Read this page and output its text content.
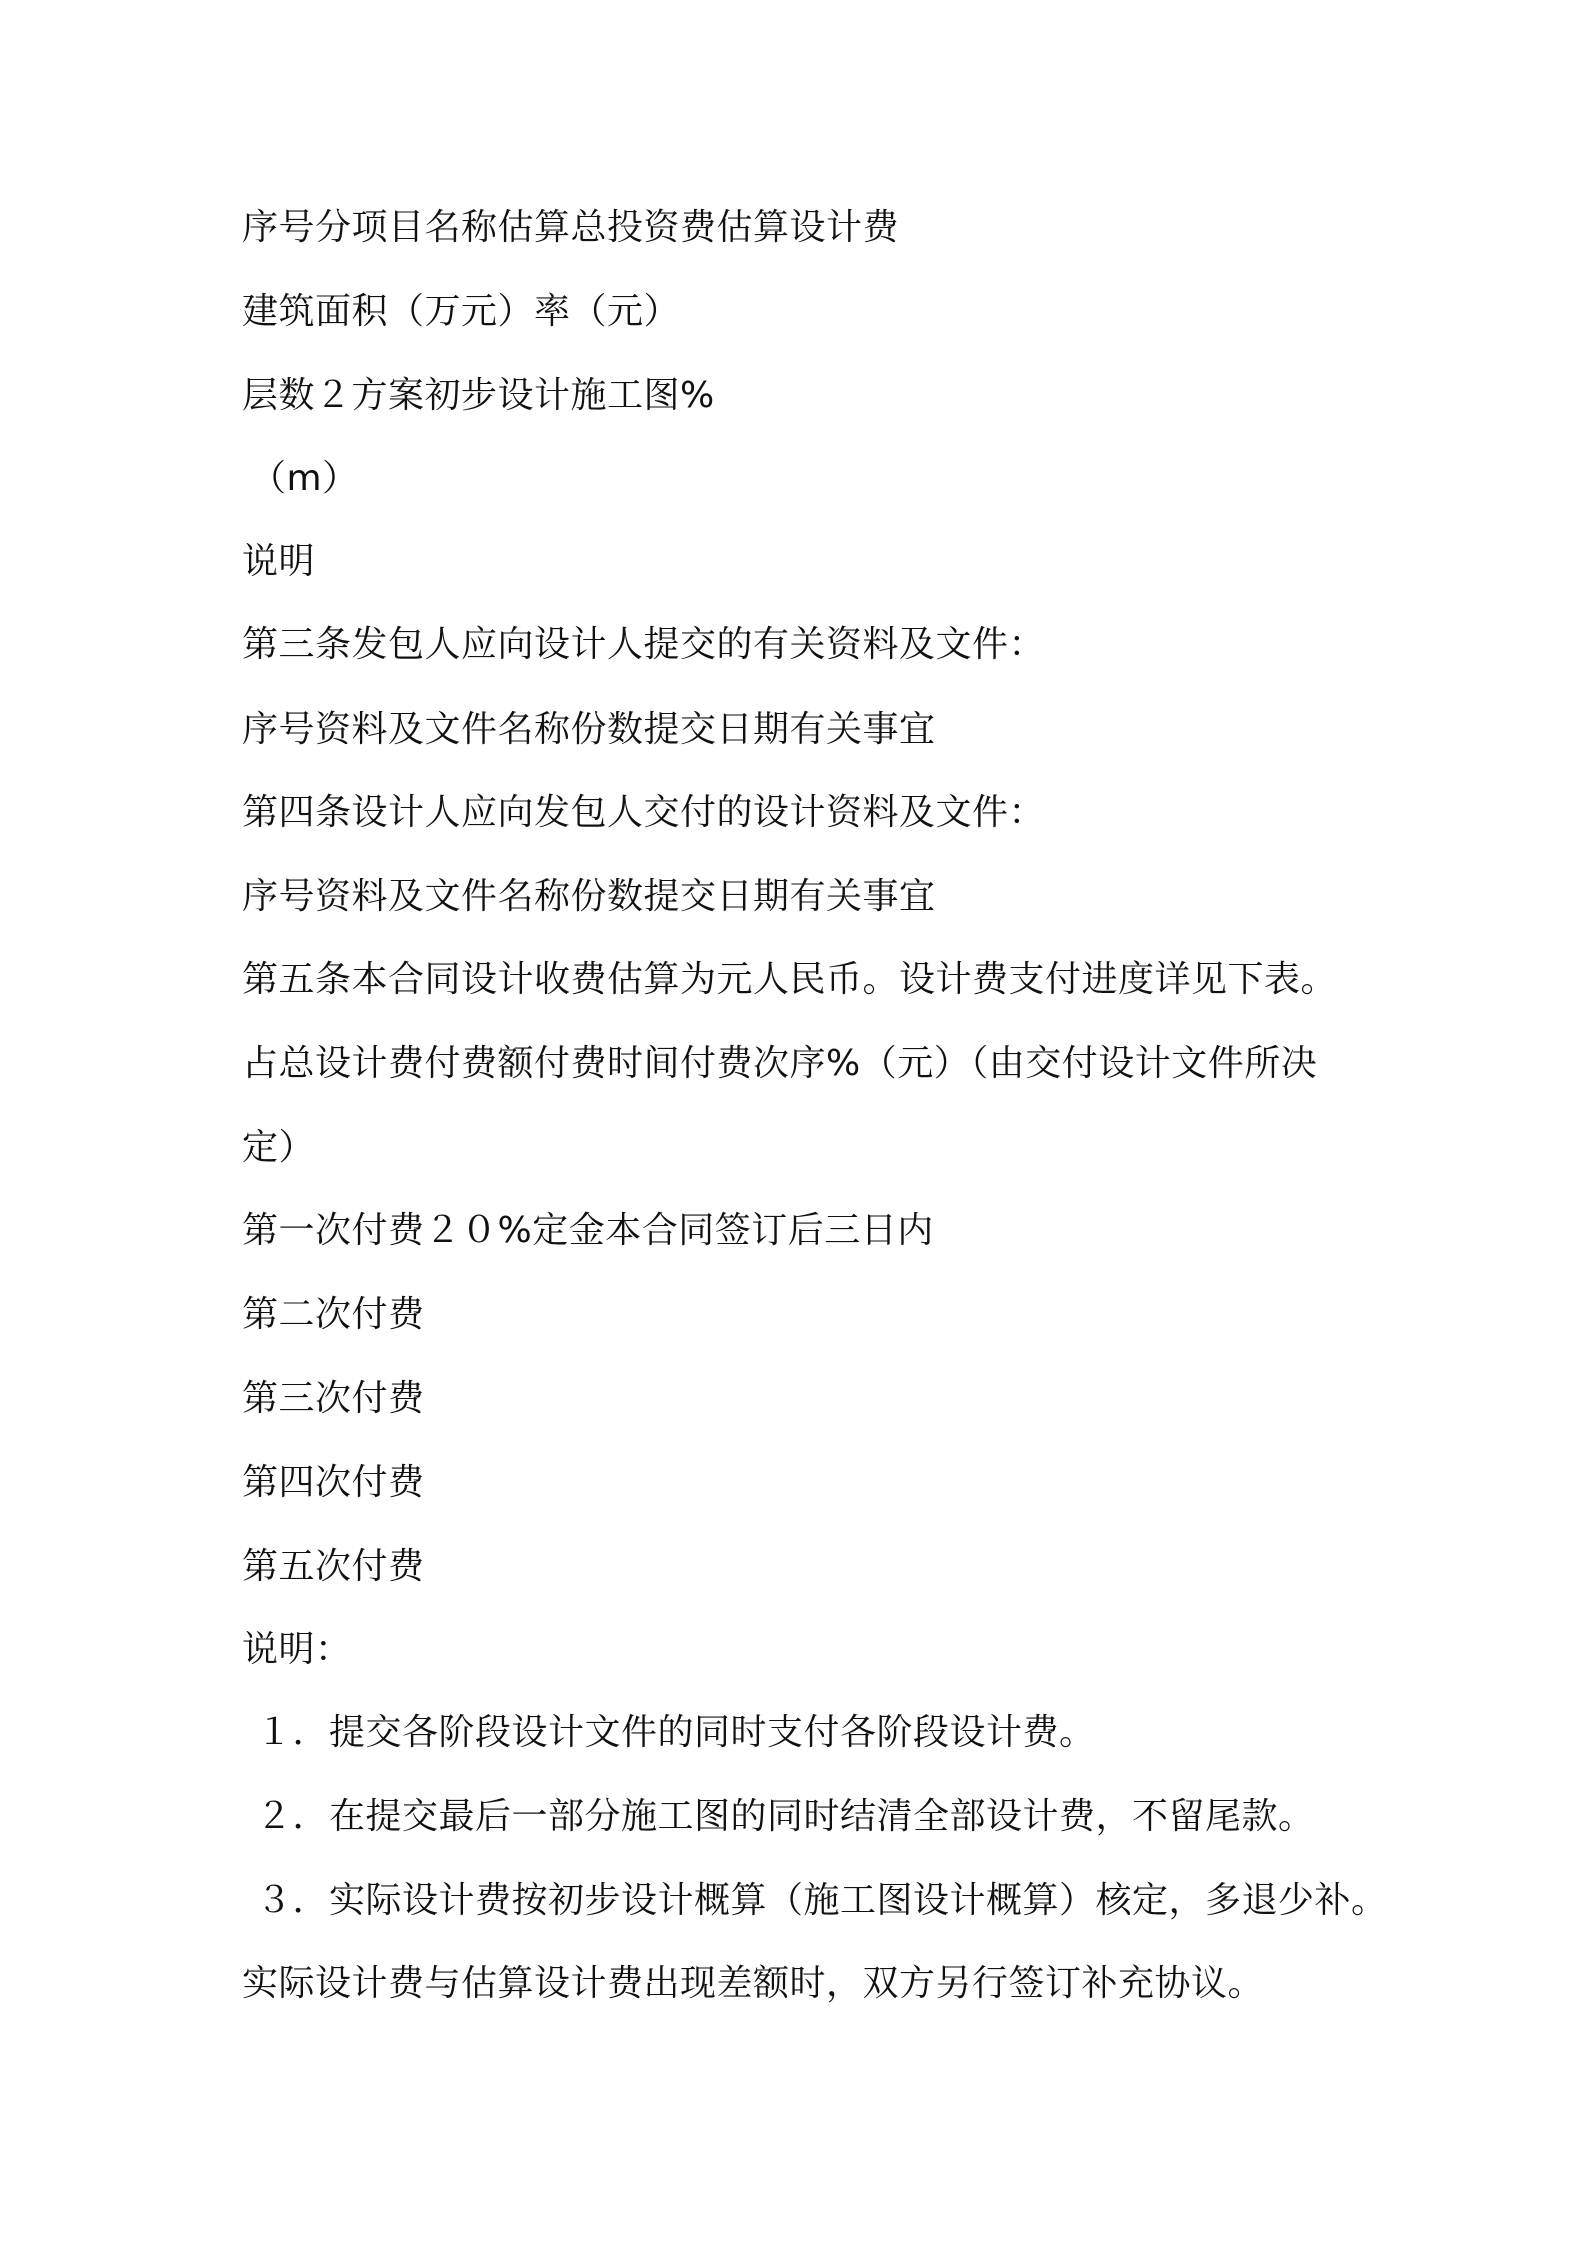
序号分项目名称估算总投资费估算设计费
建筑面积（万元）率（元）
层数２方案初步设计施工图%
（m）
说明
第三条发包人应向设计人提交的有关资料及文件：
序号资料及文件名称份数提交日期有关事宜
第四条设计人应向发包人交付的设计资料及文件：
序号资料及文件名称份数提交日期有关事宜
第五条本合同设计收费估算为元人民币。设计费支付进度详见下表。
占总设计费付费额付费时间付费次序%（元）（由交付设计文件所决
定）
第一次付费２０%定金本合同签订后三日内
第二次付费
第三次付费
第四次付费
第五次付费
说明：
１．提交各阶段设计文件的同时支付各阶段设计费。
２．在提交最后一部分施工图的同时结清全部设计费，不留尾款。
３．实际设计费按初步设计概算（施工图设计概算）核定，多退少补。
实际设计费与估算设计费出现差额时，双方另行签订补充协议。
